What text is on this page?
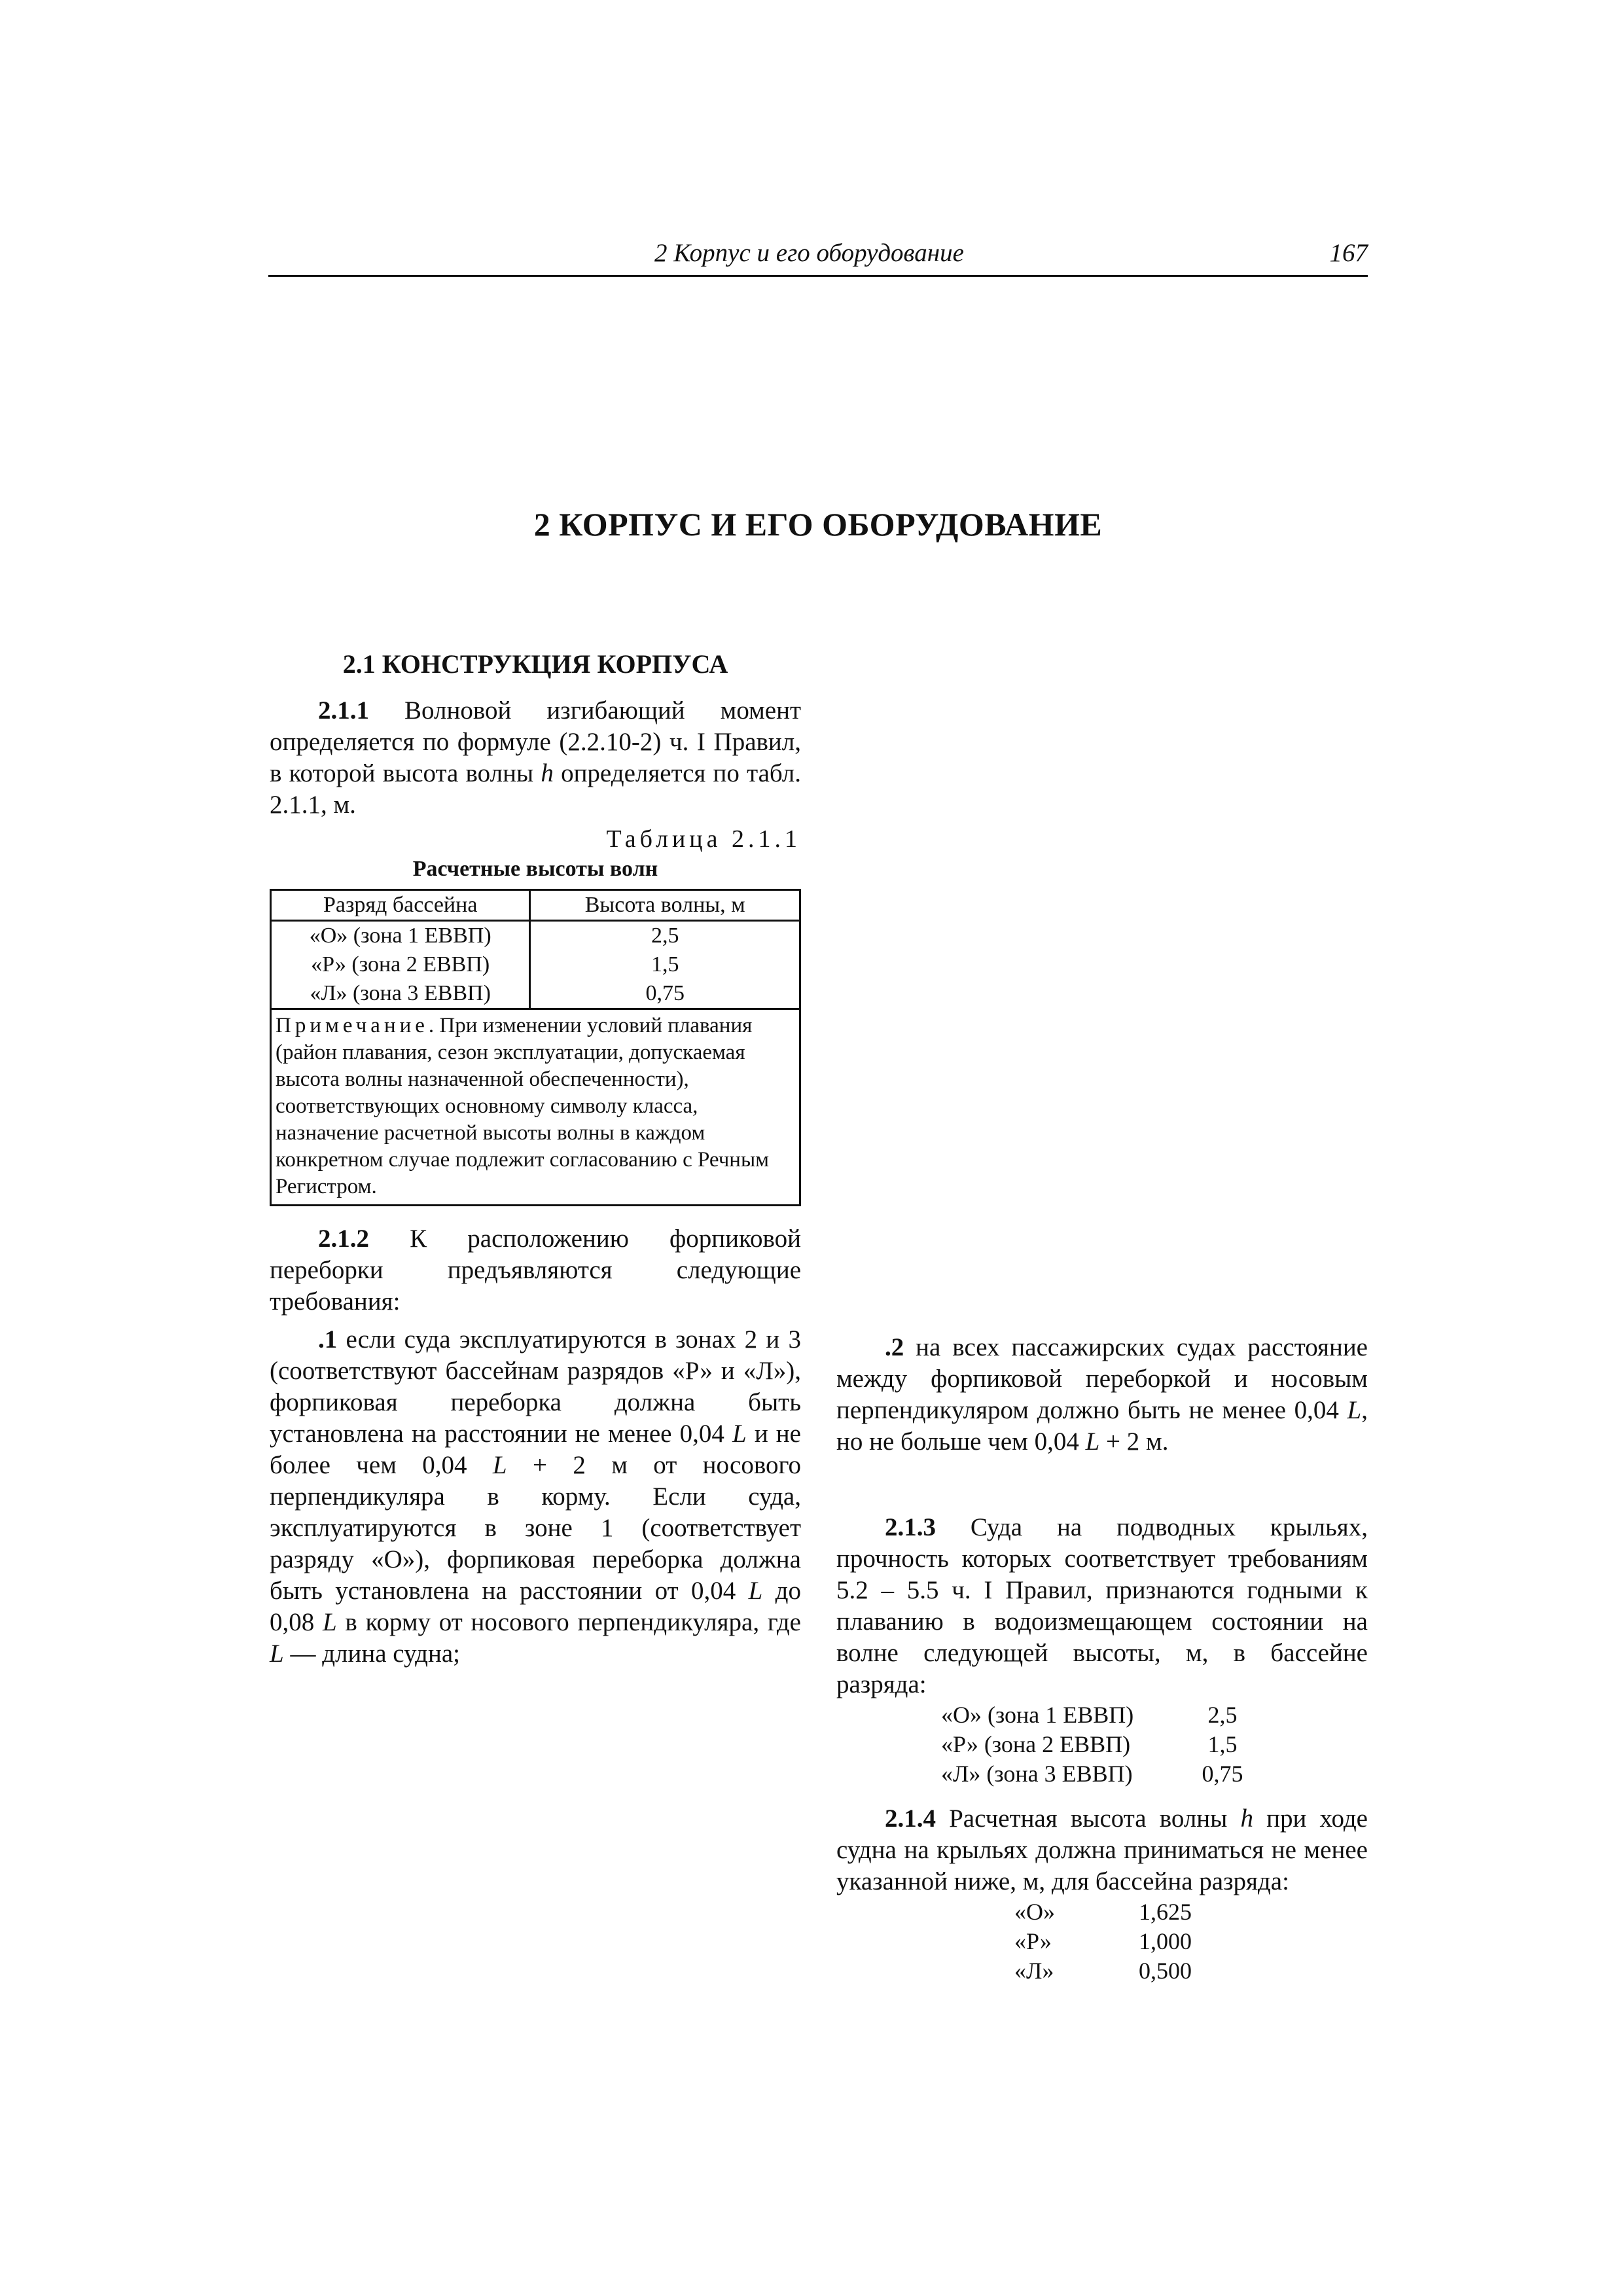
2 Корпус и его оборудование	167
2 КОРПУС И ЕГО ОБОРУДОВАНИЕ
2.1 КОНСТРУКЦИЯ КОРПУСА

2.1.1 Волновой изгибающий момент определяется по формуле (2.2.10-2) ч. I Правил, в которой высота волны h определяется по табл. 2.1.1, м.

Таблица 2.1.1
Расчетные высоты волн
Разряд бассейна	Высота волны, м
«О» (зона 1 ЕВВП)	2,5
«Р» (зона 2 ЕВВП)	1,5
«Л» (зона 3 ЕВВП)	0,75
Примечание. При изменении условий плавания (район плавания, сезон эксплуатации, допускаемая высота волны назначенной обеспеченности), соответствующих основному символу класса, назначение расчетной высоты волны в каждом конкретном случае подлежит согласованию с Речным Регистром.	

2.1.2 К расположению форпиковой переборки предъявляются следующие требования:

.1 если суда эксплуатируются в зонах 2 и 3 (соответствуют бассейнам разрядов «Р» и «Л»), форпиковая переборка должна быть установлена на расстоянии не менее 0,04 L и не более чем 0,04 L + 2 м от носового перпендикуляра в корму. Если суда, эксплуатируются в зоне 1 (соответствует разряду «О»), форпиковая переборка должна быть установлена на расстоянии от 0,04 L до 0,08 L в корму от носового перпендикуляра, где L — длина судна;

.2 на всех пассажирских судах расстояние между форпиковой переборкой и носовым перпендикуляром должно быть не менее 0,04 L, но не больше чем 0,04 L + 2 м.

2.1.3 Суда на подводных крыльях, прочность которых соответствует требованиям 5.2 – 5.5 ч. I Правил, признаются годными к плаванию в водоизмещающем состоянии на волне следующей высоты, м, в бассейне разряда:

«О» (зона 1 ЕВВП)	2,5
«Р» (зона 2 ЕВВП)	1,5
«Л» (зона 3 ЕВВП)	0,75

2.1.4 Расчетная высота волны h при ходе судна на крыльях должна приниматься не менее указанной ниже, м, для бассейна разряда:

«О»	1,625
«Р»	1,000
«Л»	0,500
